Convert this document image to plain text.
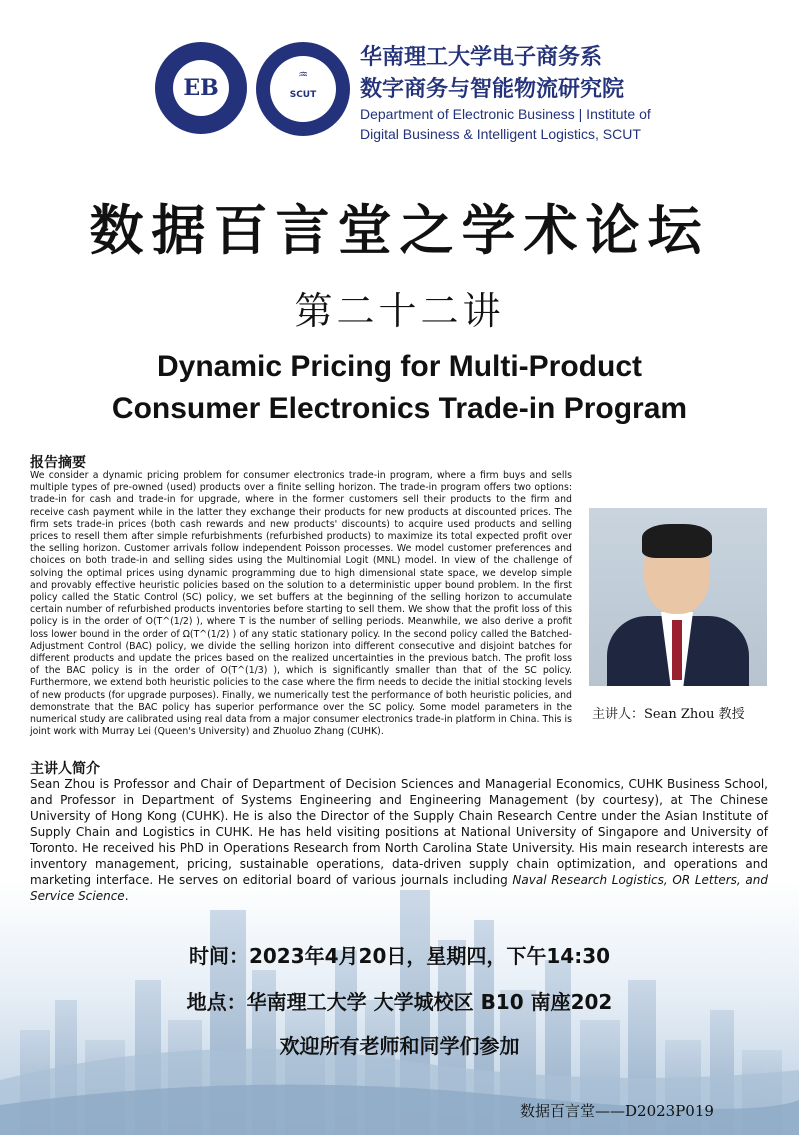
EB
♒
SCUT
华南理工大学电子商务系
数字商务与智能物流研究院
Department of Electronic Business | Institute of
Digital Business & Intelligent Logistics, SCUT
数据百言堂之学术论坛
第二十二讲
Dynamic Pricing for Multi-Product
Consumer Electronics Trade-in Program
报告摘要
We consider a dynamic pricing problem for consumer electronics trade-in program, where a firm buys and sells multiple types of pre-owned (used) products over a finite selling horizon. The trade-in program offers two options: trade-in for cash and trade-in for upgrade, where in the former customers sell their products to the firm and receive cash payment while in the latter they exchange their products for new products at discounted prices. The firm sets trade-in prices (both cash rewards and new products' discounts) to acquire used products and selling prices to resell them after simple refurbishments (refurbished products) to maximize its total expected profit over the selling horizon. Customer arrivals follow independent Poisson processes. We model customer preferences and choices on both trade-in and selling sides using the Multinomial Logit (MNL) model. In view of the challenge of solving the optimal prices using dynamic programming due to high dimensional state space, we develop simple and provably effective heuristic policies based on the solution to a deterministic upper bound problem. In the first policy called the Static Control (SC) policy, we set buffers at the beginning of the selling horizon to accumulate certain number of refurbished products inventories before starting to sell them. We show that the profit loss of this policy is in the order of O(T^(1/2) ), where T is the number of selling periods. Meanwhile, we also derive a profit loss lower bound in the order of Ω(T^(1/2) ) of any static stationary policy. In the second policy called the Batched-Adjustment Control (BAC) policy, we divide the selling horizon into different consecutive and disjoint batches for different products and update the prices based on the realized uncertainties in the previous batch. The profit loss of the BAC policy is in the order of O(T^(1/3) ), which is significantly smaller than that of the SC policy. Furthermore, we extend both heuristic policies to the case where the firm needs to decide the initial stocking levels of new products (for upgrade purposes). Finally, we numerically test the performance of both heuristic policies, and demonstrate that the BAC policy has superior performance over the SC policy. Some model parameters in the numerical study are calibrated using real data from a major consumer electronics trade-in platform in China. This is joint work with Murray Lei (Queen's University) and Zhuoluo Zhang (CUHK).
主讲人：Sean Zhou 教授
主讲人简介
Sean Zhou is Professor and Chair of Department of Decision Sciences and Managerial Economics, CUHK Business School, and Professor in Department of Systems Engineering and Engineering Management (by courtesy), at The Chinese University of Hong Kong (CUHK). He is also the Director of the Supply Chain Research Centre under the Asian Institute of Supply Chain and Logistics in CUHK. He has held visiting positions at National University of Singapore and University of Toronto. He received his PhD in Operations Research from North Carolina State University. His main research interests are inventory management, pricing, sustainable operations, data-driven supply chain optimization, and operations and marketing interface. He serves on editorial board of various journals including Naval Research Logistics, OR Letters, and Service Science.
时间：2023年4月20日，星期四，下午14:30
地点：华南理工大学 大学城校区 B10 南座202
欢迎所有老师和同学们参加
数据百言堂——D2023P019
